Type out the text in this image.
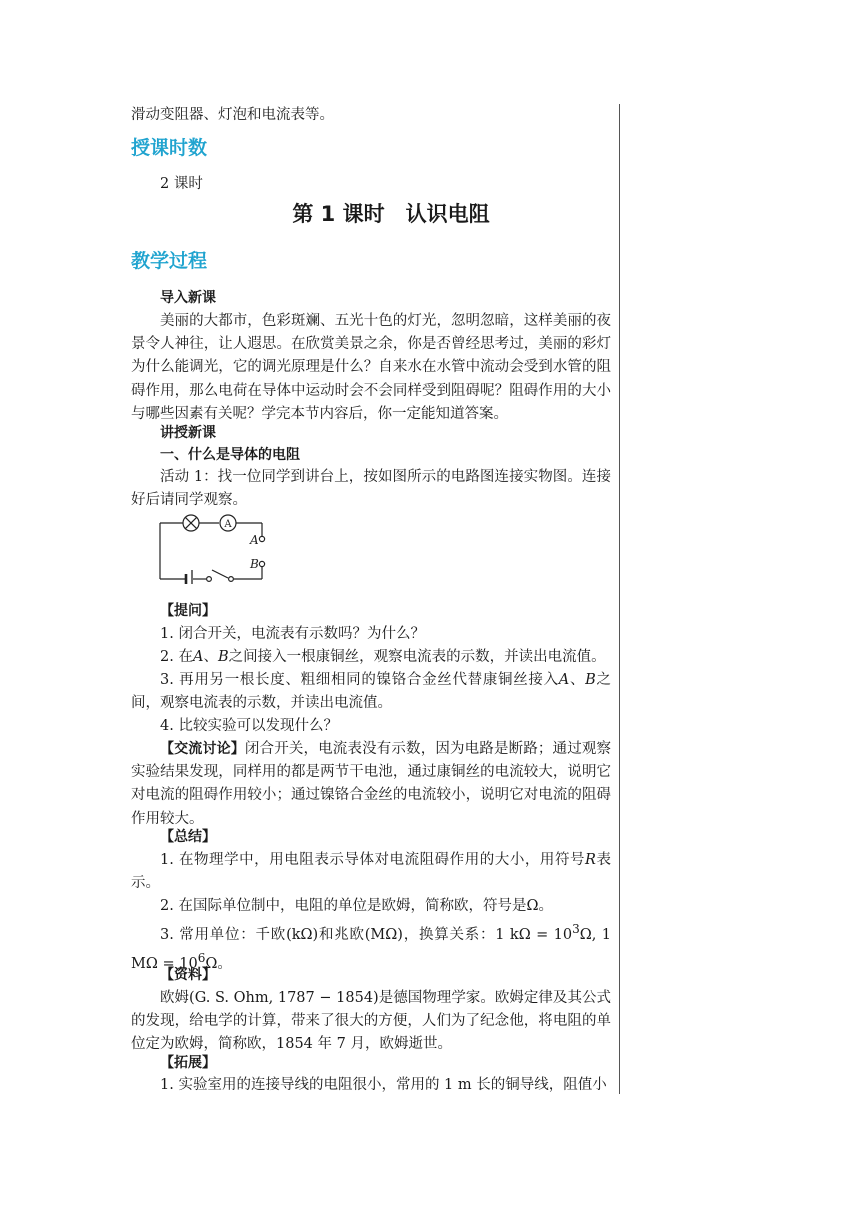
滑动变阻器、灯泡和电流表等。
授课时数
2 课时
第 1 课时　认识电阻
教学过程
导入新课
美丽的大都市，色彩斑斓、五光十色的灯光，忽明忽暗，这样美丽的夜景令人神往，让人遐思。在欣赏美景之余，你是否曾经思考过，美丽的彩灯为什么能调光，它的调光原理是什么？自来水在水管中流动会受到水管的阻碍作用，那么电荷在导体中运动时会不会同样受到阻碍呢？阻碍作用的大小与哪些因素有关呢？学完本节内容后，你一定能知道答案。
讲授新课
一、什么是导体的电阻
活动 1：找一位同学到讲台上，按如图所示的电路图连接实物图。连接好后请同学观察。
A
A
B
【提问】
1. 闭合开关，电流表有示数吗？为什么？
2. 在A、B之间接入一根康铜丝，观察电流表的示数，并读出电流值。
3. 再用另一根长度、粗细相同的镍铬合金丝代替康铜丝接入A、B之间，观察电流表的示数，并读出电流值。
4. 比较实验可以发现什么？
【交流讨论】闭合开关，电流表没有示数，因为电路是断路；通过观察实验结果发现，同样用的都是两节干电池，通过康铜丝的电流较大，说明它对电流的阻碍作用较小；通过镍铬合金丝的电流较小，说明它对电流的阻碍作用较大。
【总结】
1. 在物理学中，用电阻表示导体对电流阻碍作用的大小，用符号R表示。
2. 在国际单位制中，电阻的单位是欧姆，简称欧，符号是Ω。
3. 常用单位：千欧(kΩ)和兆欧(MΩ)，换算关系：1 $k\Omega = 10^3\Omega$, 1 $M\Omega = 10^6\Omega$。
【资料】
欧姆(G. S. Ohm, 1787 − 1854)是德国物理学家。欧姆定律及其公式的发现，给电学的计算，带来了很大的方便，人们为了纪念他，将电阻的单位定为欧姆，简称欧，1854 年 7 月，欧姆逝世。
【拓展】
1. 实验室用的连接导线的电阻很小，常用的 1 m 长的铜导线，阻值小
